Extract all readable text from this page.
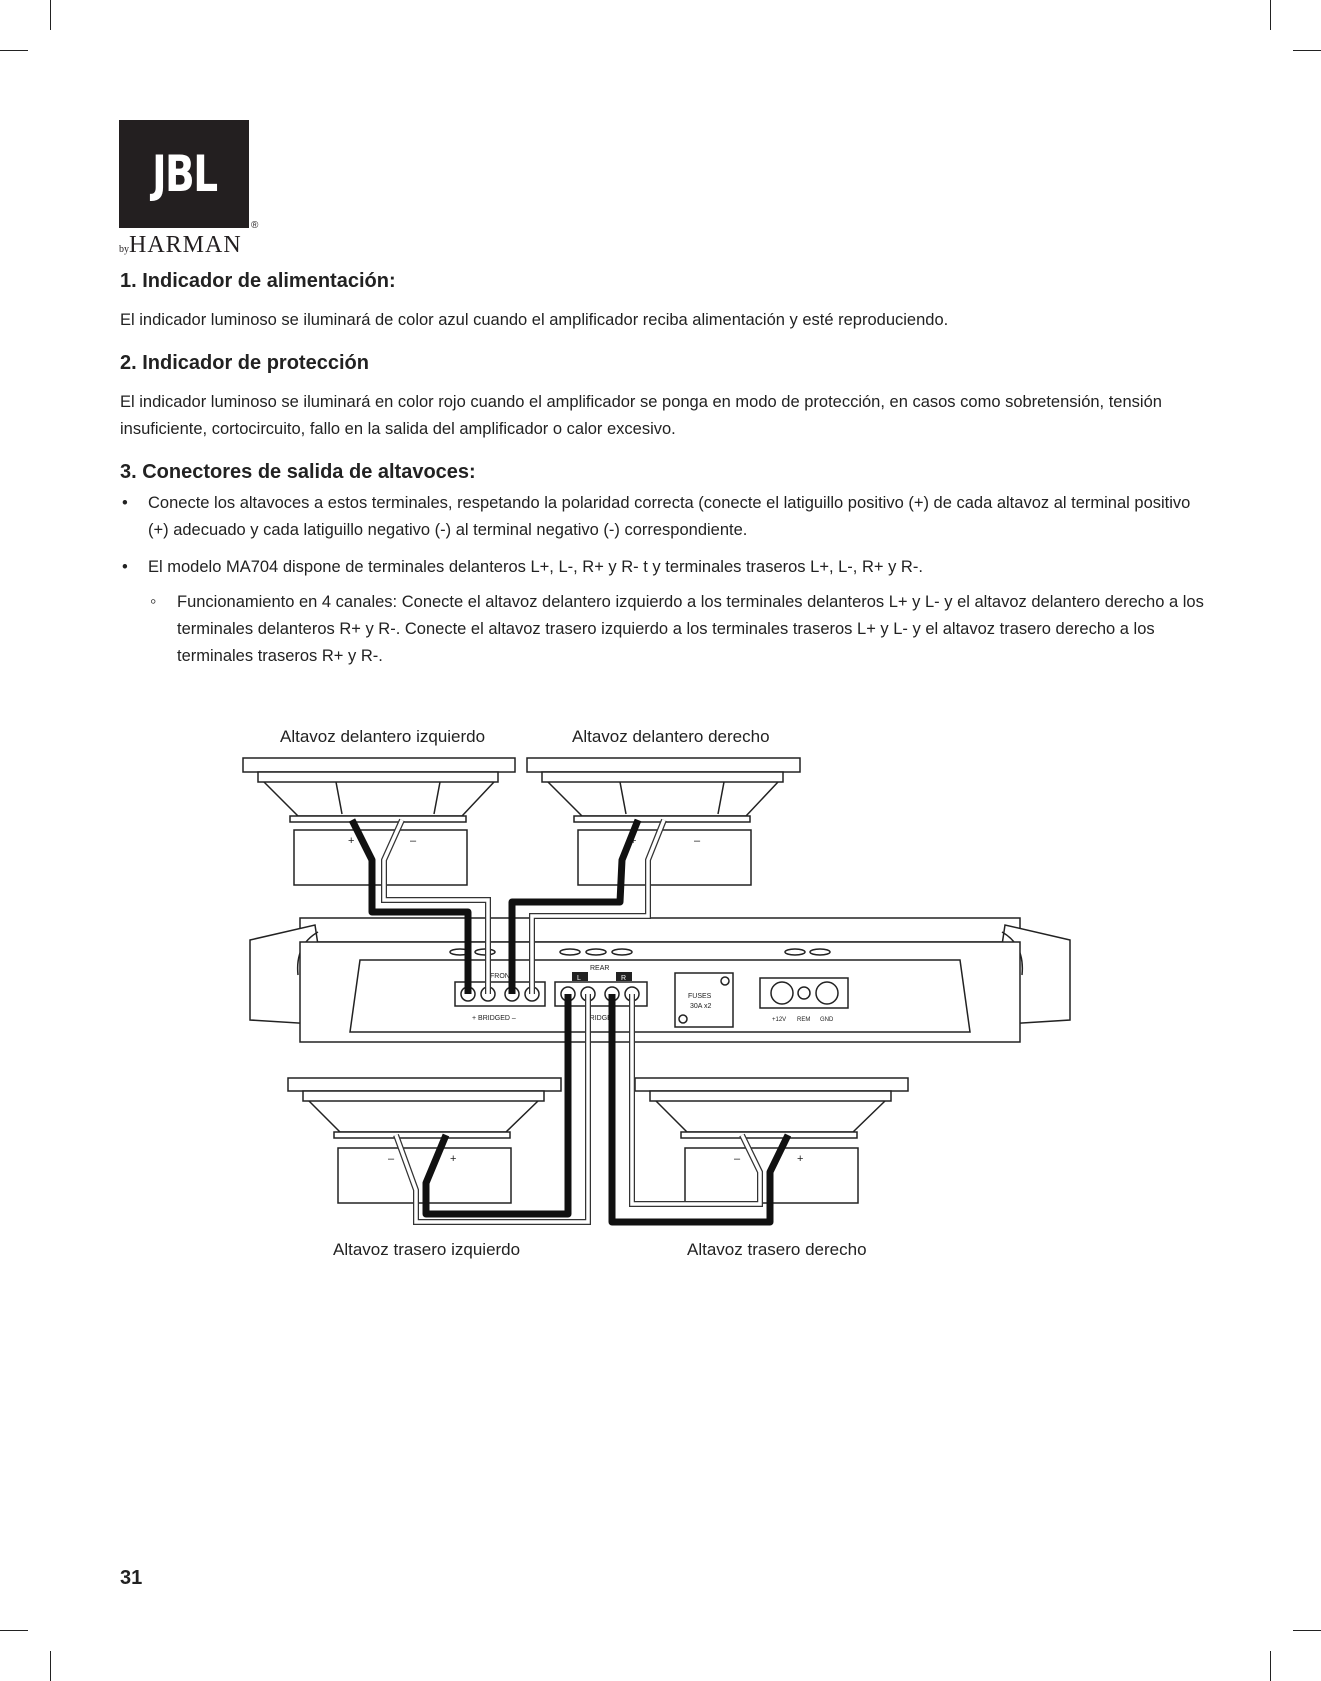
JBL
®
byHARMAN
1. Indicador de alimentación:

El indicador luminoso se iluminará de color azul cuando el amplificador reciba alimentación y esté reproduciendo.

2. Indicador de protección

El indicador luminoso se iluminará en color rojo cuando el amplificador se ponga en modo de protección, en casos como sobretensión, tensión insuficiente, cortocircuito, fallo en la salida del amplificador o calor excesivo.

3. Conectores de salida de altavoces:
• Conecte los altavoces a estos terminales, respetando la polaridad correcta (conecte el latiguillo positivo (+) de cada altavoz al terminal positivo (+) adecuado y cada latiguillo negativo (-) al terminal negativo (-) correspondiente.
• El modelo MA704 dispone de terminales delanteros L+, L-, R+ y R- t y terminales traseros L+, L-, R+ y R-.
◦ Funcionamiento en 4 canales: Conecte el altavoz delantero izquierdo a los terminales delanteros L+ y L- y el altavoz delantero derecho a los terminales delanteros R+ y R-. Conecte el altavoz trasero izquierdo a los terminales traseros L+ y L- y el altavoz trasero derecho a los terminales traseros R+ y R-.
Altavoz delantero izquierdo	Altavoz delantero derecho
Altavoz trasero izquierdo	Altavoz trasero derecho
+	–	+	–
FRONT
+ BRIDGED –
REAR
L	R
BRIDGE
FUSES
30A x2
+12V REM GND
–	+	–	+
31
